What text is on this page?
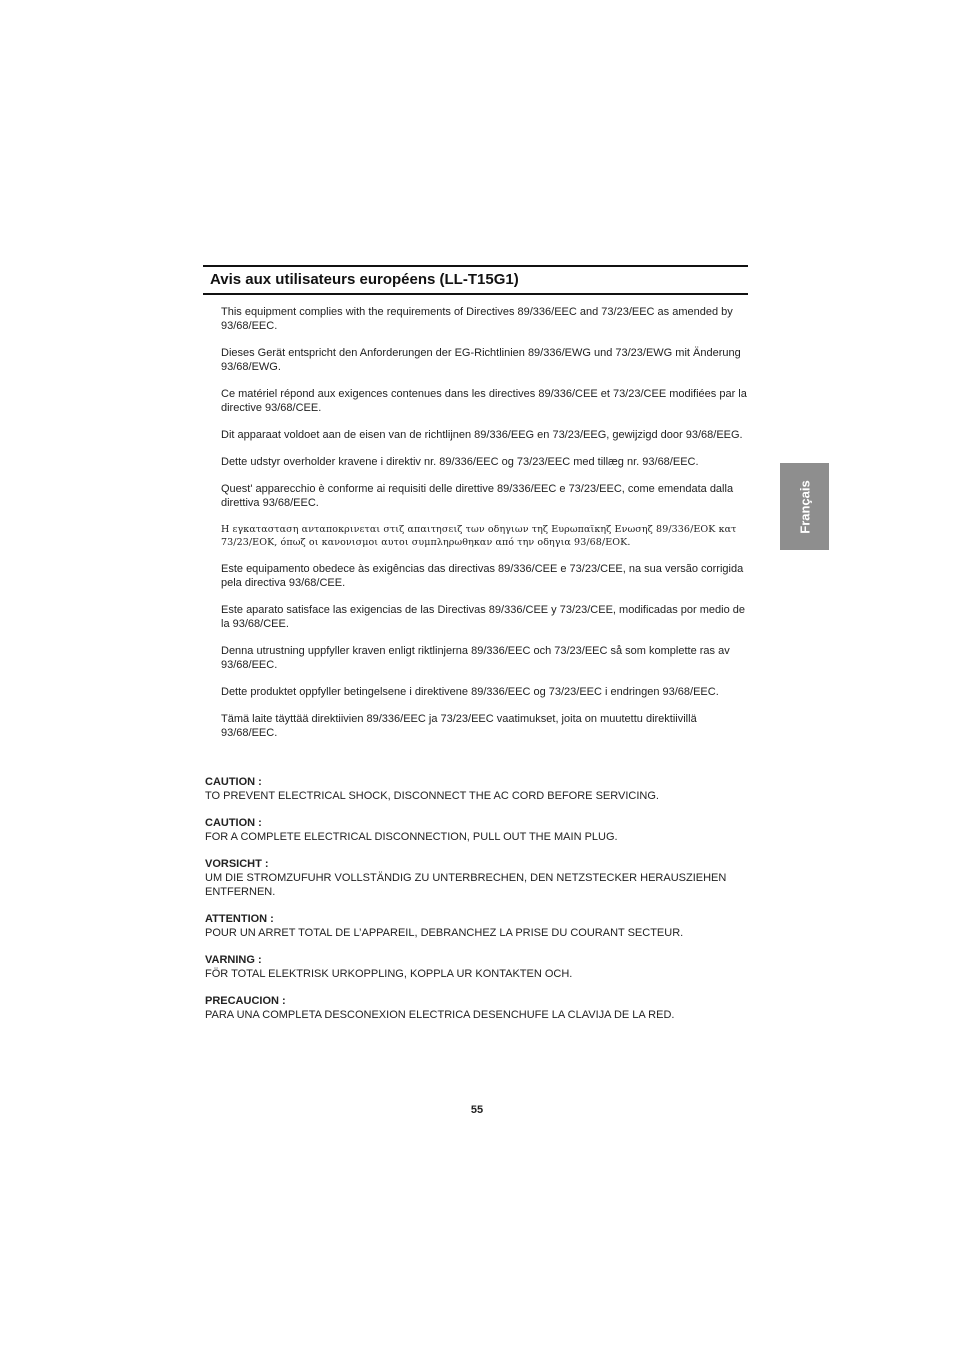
Avis aux utilisateurs européens (LL-T15G1)

This equipment complies with the requirements of Directives 89/336/EEC and 73/23/EEC as amended by 93/68/EEC.

Dieses Gerät entspricht den Anforderungen der EG-Richtlinien 89/336/EWG und 73/23/EWG mit Änderung 93/68/EWG.

Ce matériel répond aux exigences contenues dans les directives 89/336/CEE et 73/23/CEE modifiées par la directive 93/68/CEE.

Dit apparaat voldoet aan de eisen van de richtlijnen 89/336/EEG en 73/23/EEG, gewijzigd door 93/68/EEG.

Dette udstyr overholder kravene i direktiv nr. 89/336/EEC og 73/23/EEC med tillæg nr. 93/68/EEC.

Quest' apparecchio è conforme ai requisiti delle direttive 89/336/EEC e 73/23/EEC, come emendata dalla direttiva 93/68/EEC.

Η εγκατασταση ανταποκρινεται στιζ απαιτησειζ των οδηγιων τηζ Ευρωπαϊκηζ Ενωσηζ 89/336/ΕΟΚ κατ 73/23/ΕΟΚ, όπωζ οι κανονισμοι αυτοι συμπληρωθηκαν από την οδηγια 93/68/ΕΟΚ.

Este equipamento obedece às exigências das directivas 89/336/CEE e 73/23/CEE, na sua versão corrigida pela directiva 93/68/CEE.

Este aparato satisface las exigencias de las Directivas 89/336/CEE y 73/23/CEE, modificadas por medio de la 93/68/CEE.

Denna utrustning uppfyller kraven enligt riktlinjerna 89/336/EEC och 73/23/EEC så som komplette ras av 93/68/EEC.

Dette produktet oppfyller betingelsene i direktivene 89/336/EEC og 73/23/EEC i endringen 93/68/EEC.

Tämä laite täyttää direktiivien 89/336/EEC ja 73/23/EEC vaatimukset, joita on muutettu direktiivillä 93/68/EEC.

CAUTION :
TO PREVENT ELECTRICAL SHOCK, DISCONNECT THE AC CORD BEFORE SERVICING.
CAUTION :
FOR A COMPLETE ELECTRICAL DISCONNECTION, PULL OUT THE MAIN PLUG.
VORSICHT :
UM DIE STROMZUFUHR VOLLSTÄNDIG ZU UNTERBRECHEN, DEN NETZSTECKER HERAUSZIEHEN ENTFERNEN.
ATTENTION :
POUR UN ARRET TOTAL DE L’APPAREIL, DEBRANCHEZ LA PRISE DU COURANT SECTEUR.
VARNING :
FÖR TOTAL ELEKTRISK URKOPPLING, KOPPLA UR KONTAKTEN OCH.
PRECAUCION :
PARA UNA COMPLETA DESCONEXION ELECTRICA DESENCHUFE LA CLAVIJA DE LA RED.
55
Français
